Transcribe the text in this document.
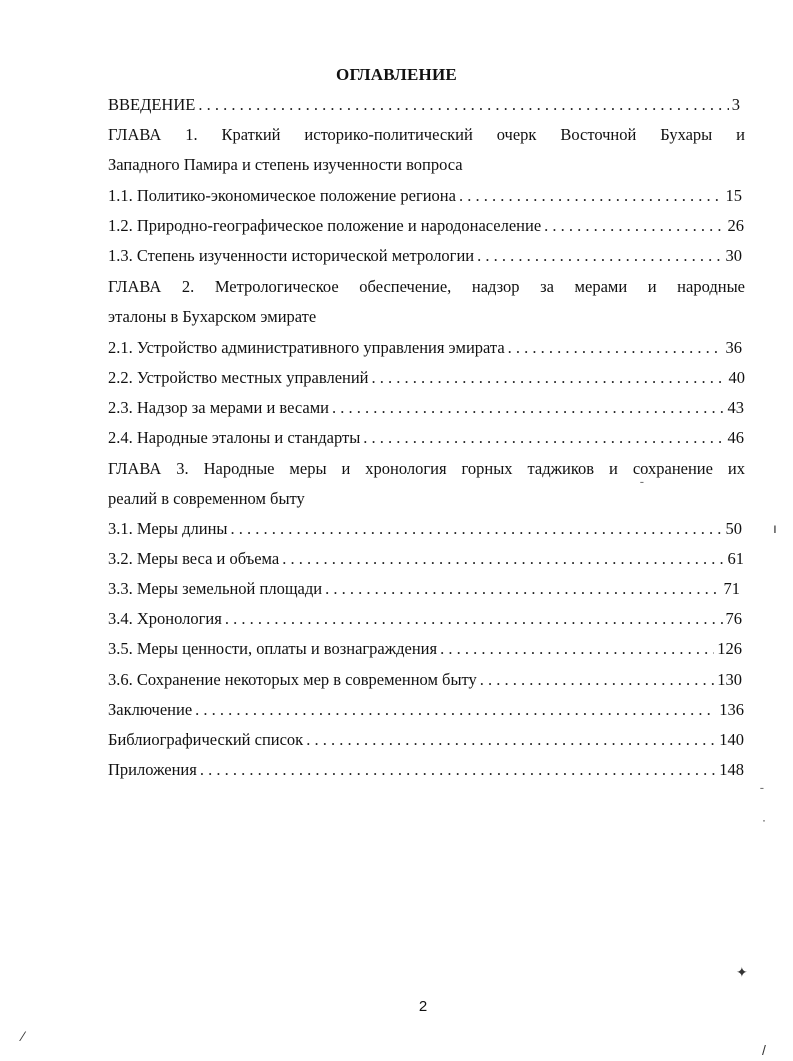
ОГЛАВЛЕНИЕ
ВВЕДЕНИЕ . . .	3
ГЛАВА 1. Краткий историко-политический очерк Восточной Бухары и
Западного Памира и степень изученности вопроса
1.1. Политико-экономическое положение региона . . .	15
1.2. Природно-географическое положение и народонаселение . . .	26
1.3. Степень изученности исторической метрологии . . .	30
ГЛАВА 2. Метрологическое обеспечение, надзор за мерами и народные
эталоны в Бухарском эмирате
2.1. Устройство административного управления эмирата . . .	36
2.2. Устройство местных управлений . . .	40
2.3. Надзор за мерами и весами . . .	43
2.4. Народные эталоны и стандарты . . .	46
ГЛАВА 3. Народные меры и хронология горных таджиков и сохранение их
реалий в современном быту
3.1. Меры длины . . .	50
3.2. Меры веса и объема . . .	61
3.3. Меры земельной площади . . .	71
3.4. Хронология . . .	76
3.5. Меры ценности, оплаты и вознаграждения . . .	126
3.6. Сохранение некоторых мер в современном быту . . .	130
Заключение . . .	136
Библиографический список . . .	140
Приложения . . .	148
2
ˉ
ı
ˉ
·
✦
⁄
/
